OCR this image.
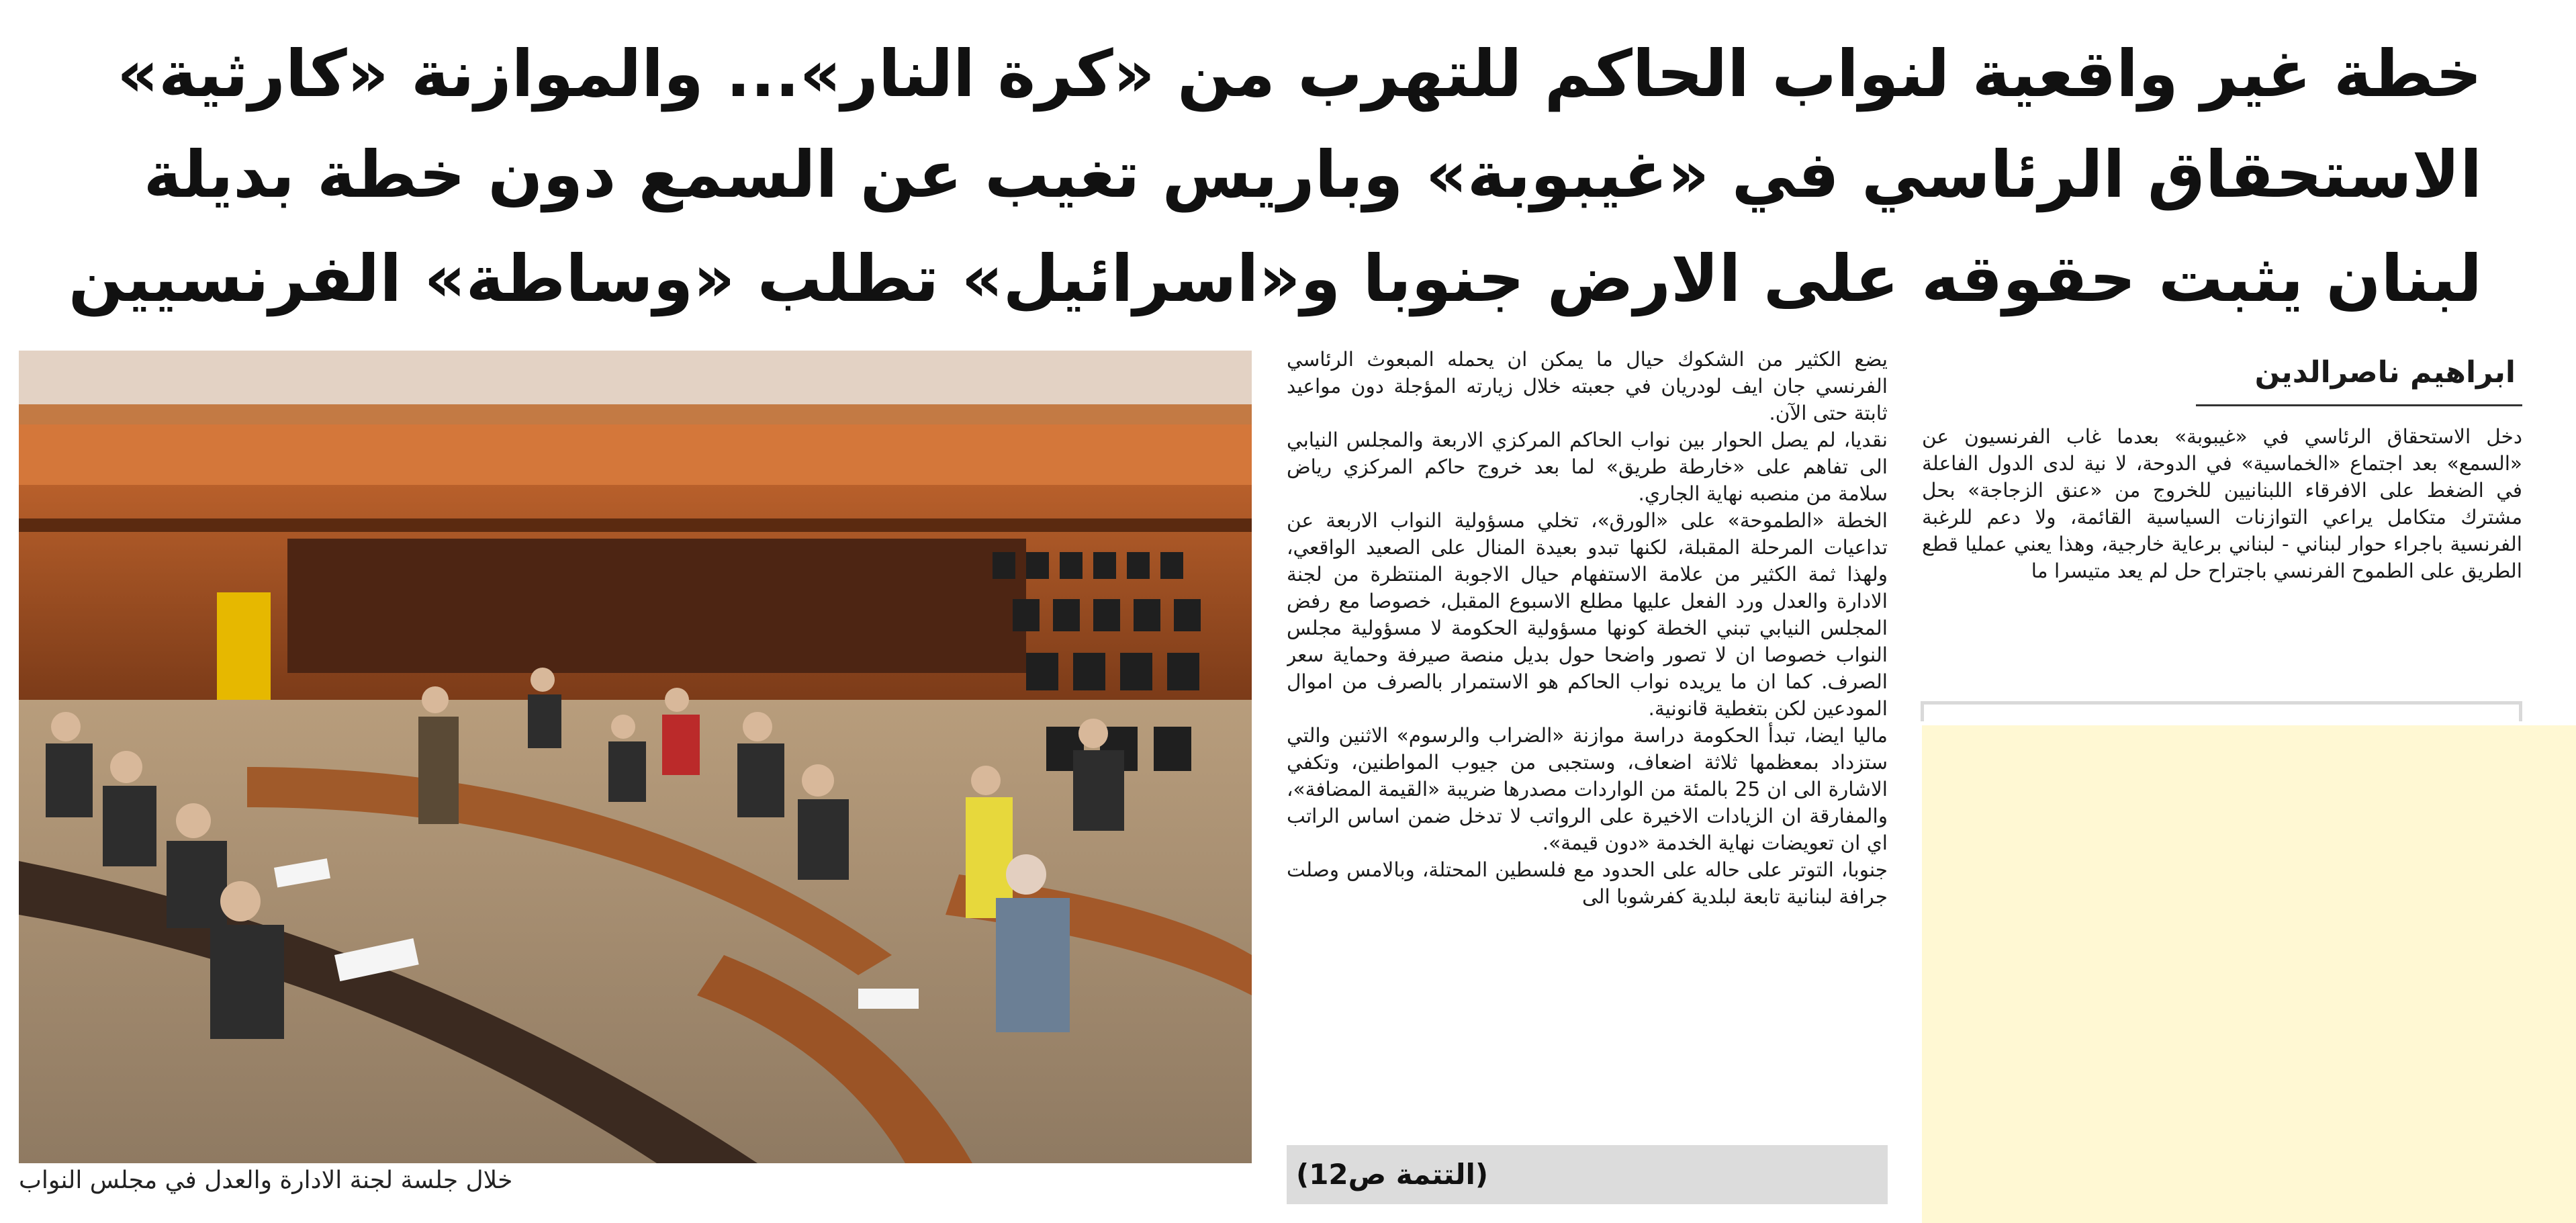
خطة غير واقعية لنواب الحاكم للتهرب من «كرة النار»... والموازنة «كارثية»
الاستحقاق الرئاسي في «غيبوبة» وباريس تغيب عن السمع دون خطة بديلة
لبنان يثبت حقوقه على الارض جنوبا و«اسرائيل» تطلب «وساطة» الفرنسيين
خلال جلسة لجنة الادارة والعدل في مجلس النواب

يضع الكثير من الشكوك حيال ما يمكن ان يحمله المبعوث الرئاسي الفرنسي جان ايف لودريان في جعبته خلال زيارته المؤجلة دون مواعيد ثابتة حتى الآن.

نقديا، لم يصل الحوار بين نواب الحاكم المركزي الاربعة والمجلس النيابي الى تفاهم على «خارطة طريق» لما بعد خروج حاكم المركزي رياض سلامة من منصبه نهاية الجاري.

الخطة «الطموحة» على «الورق»، تخلي مسؤولية النواب الاربعة عن تداعيات المرحلة المقبلة، لكنها تبدو بعيدة المنال على الصعيد الواقعي، ولهذا ثمة الكثير من علامة الاستفهام حيال الاجوبة المنتظرة من لجنة الادارة والعدل ورد الفعل عليها مطلع الاسبوع المقبل، خصوصا مع رفض المجلس النيابي تبني الخطة كونها مسؤولية الحكومة لا مسؤولية مجلس النواب خصوصا ان لا تصور واضحا حول بديل منصة صيرفة وحماية سعر الصرف. كما ان ما يريده نواب الحاكم هو الاستمرار بالصرف من اموال المودعين لكن بتغطية قانونية.

ماليا ايضا، تبدأ الحكومة دراسة موازنة «الضراب والرسوم» الاثنين والتي ستزداد بمعظمها ثلاثة اضعاف، وستجبى من جيوب المواطنين، وتكفي الاشارة الى ان 25 بالمئة من الواردات مصدرها ضريبة «القيمة المضافة»، والمفارقة ان الزيادات الاخيرة على الرواتب لا تدخل ضمن اساس الراتب اي ان تعويضات نهاية الخدمة «دون قيمة».

جنوبا، التوتر على حاله على الحدود مع فلسطين المحتلة، وبالامس وصلت جرافة لبنانية تابعة لبلدية كفرشوبا الى

(التتمة ص12)
ابراهيم ناصرالدين
دخل الاستحقاق الرئاسي في «غيبوبة» بعدما غاب الفرنسيون عن «السمع» بعد اجتماع «الخماسية» في الدوحة، لا نية لدى الدول الفاعلة في الضغط على الافرقاء اللبنانيين للخروج من «عنق الزجاجة» بحل مشترك متكامل يراعي التوازنات السياسية القائمة، ولا دعم للرغبة الفرنسية باجراء حوار لبناني - لبناني برعاية خارجية، وهذا يعني عمليا قطع الطريق على الطموح الفرنسي باجتراح حل لم يعد متيسرا ما
